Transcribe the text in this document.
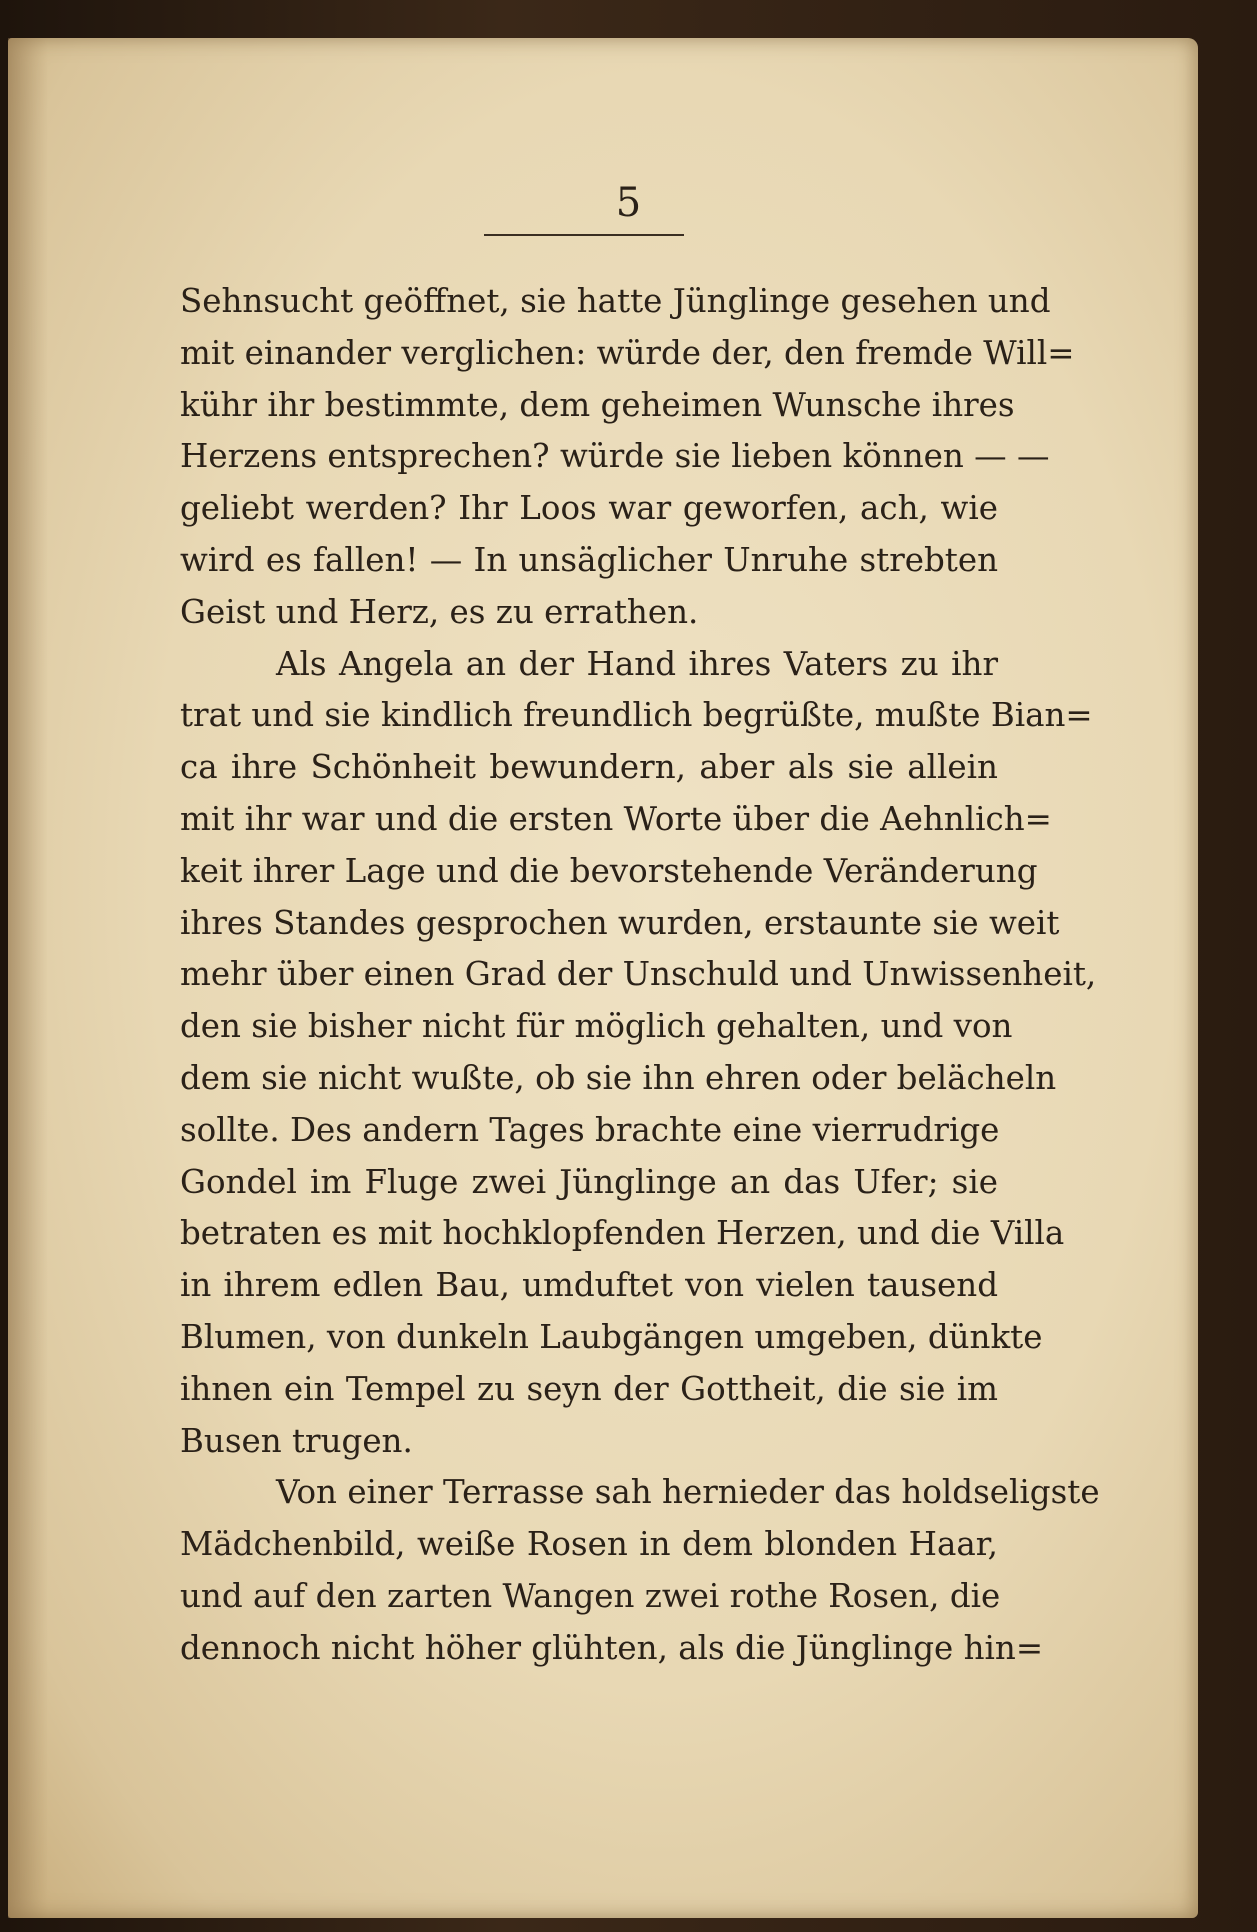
5
Sehnsucht geöffnet, sie hatte Jünglinge gesehen und
mit einander verglichen: würde der, den fremde Will=
kühr ihr bestimmte, dem geheimen Wunsche ihres
Herzens entsprechen? würde sie lieben können — —
geliebt werden? Ihr Loos war geworfen, ach, wie
wird es fallen! — In unsäglicher Unruhe strebten
Geist und Herz, es zu errathen.
Als Angela an der Hand ihres Vaters zu ihr
trat und sie kindlich freundlich begrüßte, mußte Bian=
ca ihre Schönheit bewundern, aber als sie allein
mit ihr war und die ersten Worte über die Aehnlich=
keit ihrer Lage und die bevorstehende Veränderung
ihres Standes gesprochen wurden, erstaunte sie weit
mehr über einen Grad der Unschuld und Unwissenheit,
den sie bisher nicht für möglich gehalten, und von
dem sie nicht wußte, ob sie ihn ehren oder belächeln
sollte. Des andern Tages brachte eine vierrudrige
Gondel im Fluge zwei Jünglinge an das Ufer; sie
betraten es mit hochklopfenden Herzen, und die Villa
in ihrem edlen Bau, umduftet von vielen tausend
Blumen, von dunkeln Laubgängen umgeben, dünkte
ihnen ein Tempel zu seyn der Gottheit, die sie im
Busen trugen.
Von einer Terrasse sah hernieder das holdseligste
Mädchenbild, weiße Rosen in dem blonden Haar,
und auf den zarten Wangen zwei rothe Rosen, die
dennoch nicht höher glühten, als die Jünglinge hin=
